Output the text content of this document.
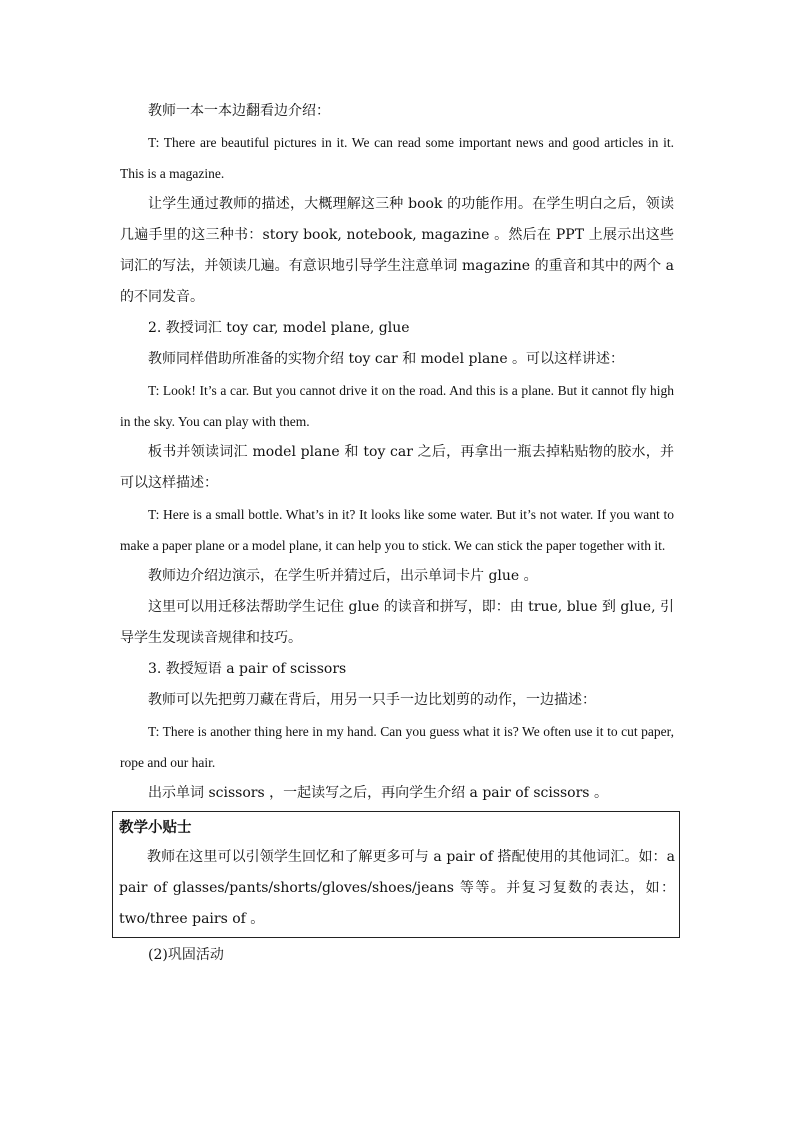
教师一本一本边翻看边介绍：

T: There are beautiful pictures in it. We can read some important news and good articles in it. This is a magazine.

让学生通过教师的描述，大概理解这三种 book 的功能作用。在学生明白之后，领读几遍手里的这三种书：story book, notebook, magazine 。然后在 PPT 上展示出这些词汇的写法，并领读几遍。有意识地引导学生注意单词 magazine 的重音和其中的两个 a 的不同发音。

2. 教授词汇 toy car, model plane, glue

教师同样借助所准备的实物介绍 toy car 和 model plane 。可以这样讲述：

T: Look! It’s a car. But you cannot drive it on the road. And this is a plane. But it cannot fly high in the sky. You can play with them.

板书并领读词汇 model plane 和 toy car 之后，再拿出一瓶去掉粘贴物的胶水，并可以这样描述：

T: Here is a small bottle. What’s in it? It looks like some water. But it’s not water. If you want to make a paper plane or a model plane, it can help you to stick. We can stick the paper together with it.

教师边介绍边演示，在学生听并猜过后，出示单词卡片 glue 。

这里可以用迁移法帮助学生记住 glue 的读音和拼写，即：由 true, blue 到 glue, 引导学生发现读音规律和技巧。

3. 教授短语 a pair of scissors

教师可以先把剪刀藏在背后，用另一只手一边比划剪的动作，一边描述：

T: There is another thing here in my hand. Can you guess what it is? We often use it to cut paper, rope and our hair.

出示单词 scissors ，一起读写之后，再向学生介绍 a pair of scissors 。

教学小贴士

教师在这里可以引领学生回忆和了解更多可与 a pair of 搭配使用的其他词汇。如：a pair of glasses/pants/shorts/gloves/shoes/jeans 等等。并复习复数的表达，如：two/three pairs of 。

(2)巩固活动
